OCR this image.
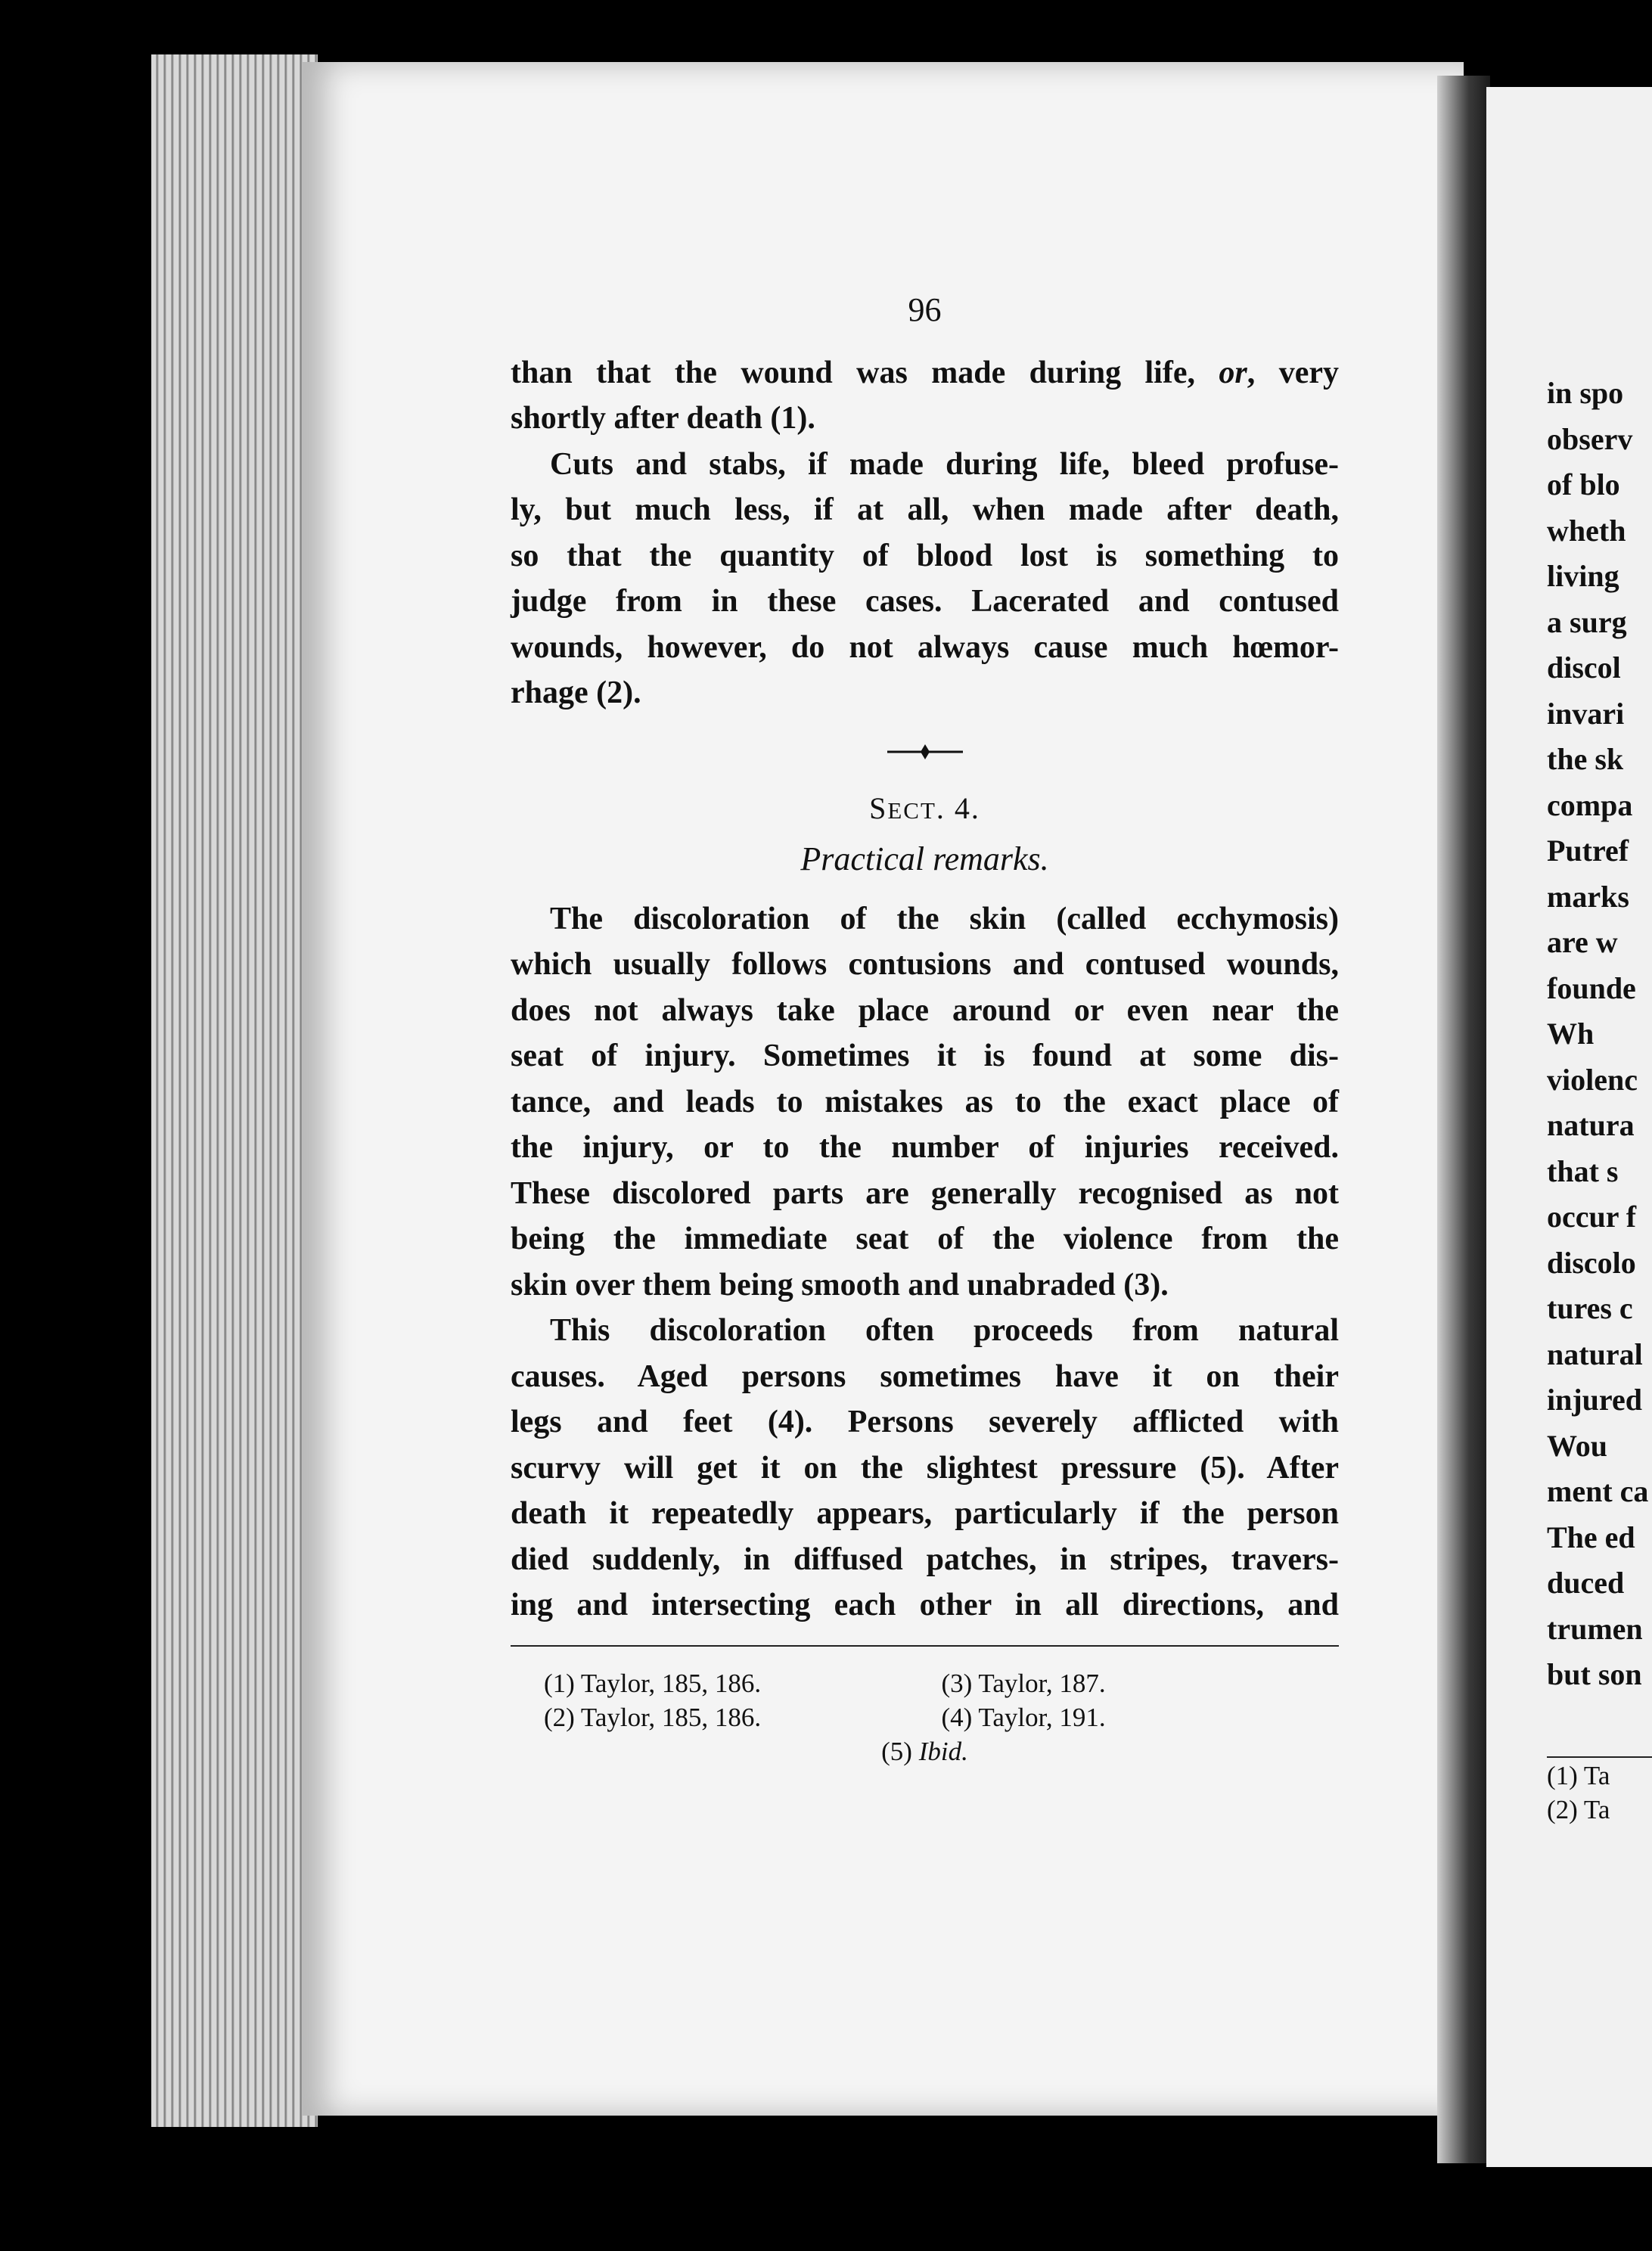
96

than that the wound was made during life, or, very

shortly after death (1).

Cuts and stabs, if made during life, bleed profuse-

ly, but much less, if at all, when made after death,

so that the quantity of blood lost is something to

judge from in these cases. Lacerated and contused

wounds, however, do not always cause much hœmor-

rhage (2).

SECT. 4.
Practical remarks.

The discoloration of the skin (called ecchymosis)

which usually follows contusions and contused wounds,

does not always take place around or even near the

seat of injury. Sometimes it is found at some dis-

tance, and leads to mistakes as to the exact place of

the injury, or to the number of injuries received.

These discolored parts are generally recognised as not

being the immediate seat of the violence from the

skin over them being smooth and unabraded (3).

This discoloration often proceeds from natural

causes. Aged persons sometimes have it on their

legs and feet (4). Persons severely afflicted with

scurvy will get it on the slightest pressure (5). After

death it repeatedly appears, particularly if the person

died suddenly, in diffused patches, in stripes, travers-

ing and intersecting each other in all directions, and

(1) Taylor, 185, 186.	(3) Taylor, 187.
(2) Taylor, 185, 186.	(4) Taylor, 191.
(5) Ibid.
in spo
observ
of blo
wheth
living
a surg
discol
invari
the sk
compa
Putref
marks
are w
founde
Wh
violenc
natura
that s
occur f
discolo
tures c
natural
injured
Wou
ment ca
The ed
duced
trumen
but son
(1) Ta
(2) Ta
